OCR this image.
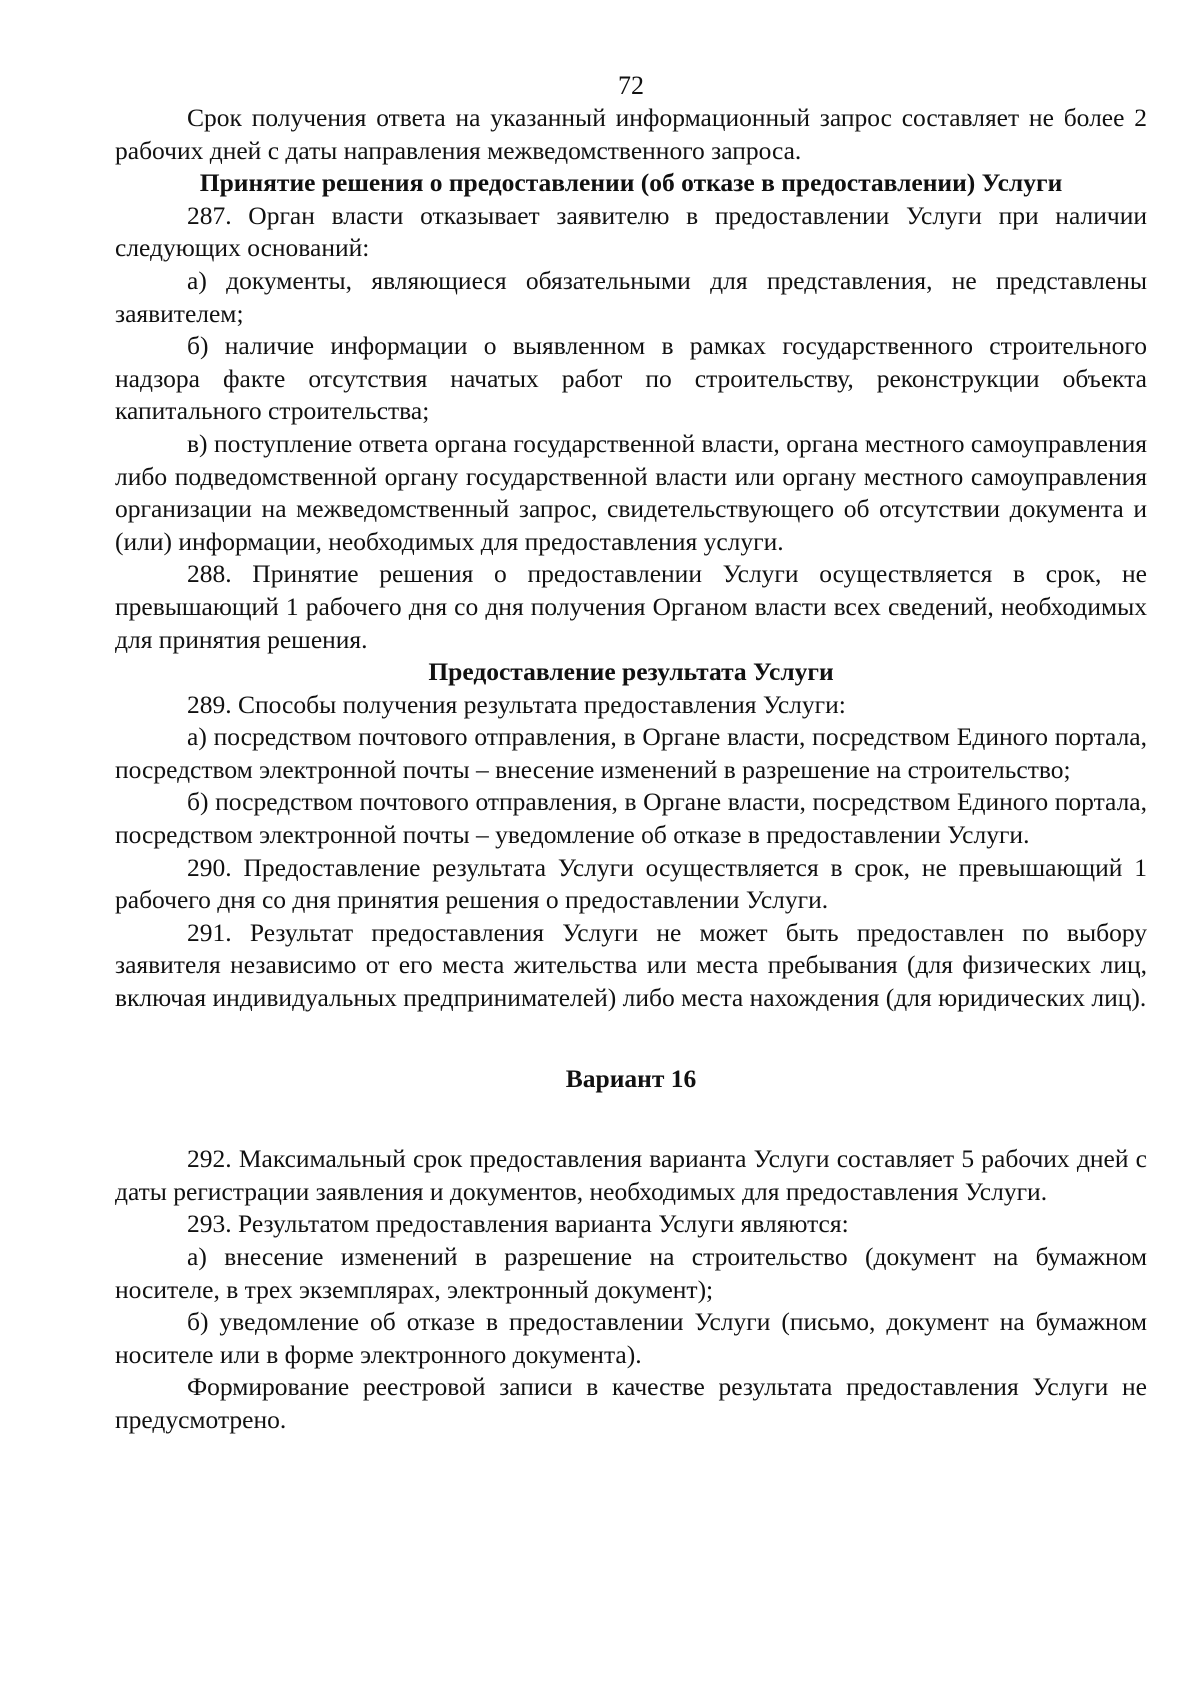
72

Срок получения ответа на указанный информационный запрос составляет не более 2 рабочих дней с даты направления межведомственного запроса.

Принятие решения о предоставлении (об отказе в предоставлении) Услуги

287. Орган власти отказывает заявителю в предоставлении Услуги при наличии следующих оснований:

а) документы, являющиеся обязательными для представления, не представлены заявителем;

б) наличие информации о выявленном в рамках государственного строительного надзора факте отсутствия начатых работ по строительству, реконструкции объекта капитального строительства;

в) поступление ответа органа государственной власти, органа местного самоуправления либо подведомственной органу государственной власти или органу местного самоуправления организации на межведомственный запрос, свидетельствующего об отсутствии документа и (или) информации, необходимых для предоставления услуги.

288. Принятие решения о предоставлении Услуги осуществляется в срок, не превышающий 1 рабочего дня со дня получения Органом власти всех сведений, необходимых для принятия решения.

Предоставление результата Услуги

289. Способы получения результата предоставления Услуги:

а) посредством почтового отправления, в Органе власти, посредством Единого портала, посредством электронной почты – внесение изменений в разрешение на строительство;

б) посредством почтового отправления, в Органе власти, посредством Единого портала, посредством электронной почты – уведомление об отказе в предоставлении Услуги.

290. Предоставление результата Услуги осуществляется в срок, не превышающий 1 рабочего дня со дня принятия решения о предоставлении Услуги.

291. Результат предоставления Услуги не может быть предоставлен по выбору заявителя независимо от его места жительства или места пребывания (для физических лиц, включая индивидуальных предпринимателей) либо места нахождения (для юридических лиц).

Вариант 16

292. Максимальный срок предоставления варианта Услуги составляет 5 рабочих дней с даты регистрации заявления и документов, необходимых для предоставления Услуги.

293. Результатом предоставления варианта Услуги являются:

а) внесение изменений в разрешение на строительство (документ на бумажном носителе, в трех экземплярах, электронный документ);

б) уведомление об отказе в предоставлении Услуги (письмо, документ на бумажном носителе или в форме электронного документа).

Формирование реестровой записи в качестве результата предоставления Услуги не предусмотрено.
